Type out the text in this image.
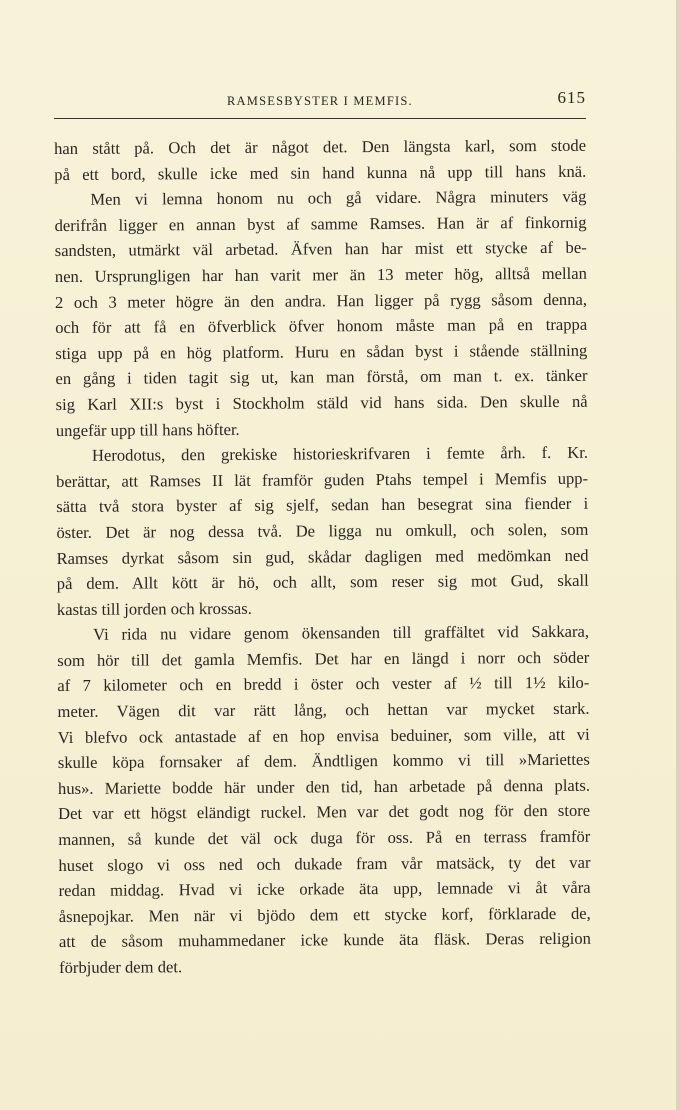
RAMSESBYSTER I MEMFIS.	615
han stått på. Och det är något det. Den längsta karl, som stode
på ett bord, skulle icke med sin hand kunna nå upp till hans knä.
Men vi lemna honom nu och gå vidare. Några minuters väg
derifrån ligger en annan byst af samme Ramses. Han är af finkornig
sandsten, utmärkt väl arbetad. Äfven han har mist ett stycke af be-
nen. Ursprungligen har han varit mer än 13 meter hög, alltså mellan
2 och 3 meter högre än den andra. Han ligger på rygg såsom denna,
och för att få en öfverblick öfver honom måste man på en trappa
stiga upp på en hög platform. Huru en sådan byst i stående ställning
en gång i tiden tagit sig ut, kan man förstå, om man t. ex. tänker
sig Karl XII:s byst i Stockholm stäld vid hans sida. Den skulle nå
ungefär upp till hans höfter.
Herodotus, den grekiske historieskrifvaren i femte årh. f. Kr.
berättar, att Ramses II lät framför guden Ptahs tempel i Memfis upp-
sätta två stora byster af sig sjelf, sedan han besegrat sina fiender i
öster. Det är nog dessa två. De ligga nu omkull, och solen, som
Ramses dyrkat såsom sin gud, skådar dagligen med medömkan ned
på dem. Allt kött är hö, och allt, som reser sig mot Gud, skall
kastas till jorden och krossas.
Vi rida nu vidare genom ökensanden till graffältet vid Sakkara,
som hör till det gamla Memfis. Det har en längd i norr och söder
af 7 kilometer och en bredd i öster och vester af ½ till 1½ kilo-
meter. Vägen dit var rätt lång, och hettan var mycket stark.
Vi blefvo ock antastade af en hop envisa beduiner, som ville, att vi
skulle köpa fornsaker af dem. Ändtligen kommo vi till »Mariettes
hus». Mariette bodde här under den tid, han arbetade på denna plats.
Det var ett högst eländigt ruckel. Men var det godt nog för den store
mannen, så kunde det väl ock duga för oss. På en terrass framför
huset slogo vi oss ned och dukade fram vår matsäck, ty det var
redan middag. Hvad vi icke orkade äta upp, lemnade vi åt våra
åsnepojkar. Men när vi bjödo dem ett stycke korf, förklarade de,
att de såsom muhammedaner icke kunde äta fläsk. Deras religion
förbjuder dem det.
